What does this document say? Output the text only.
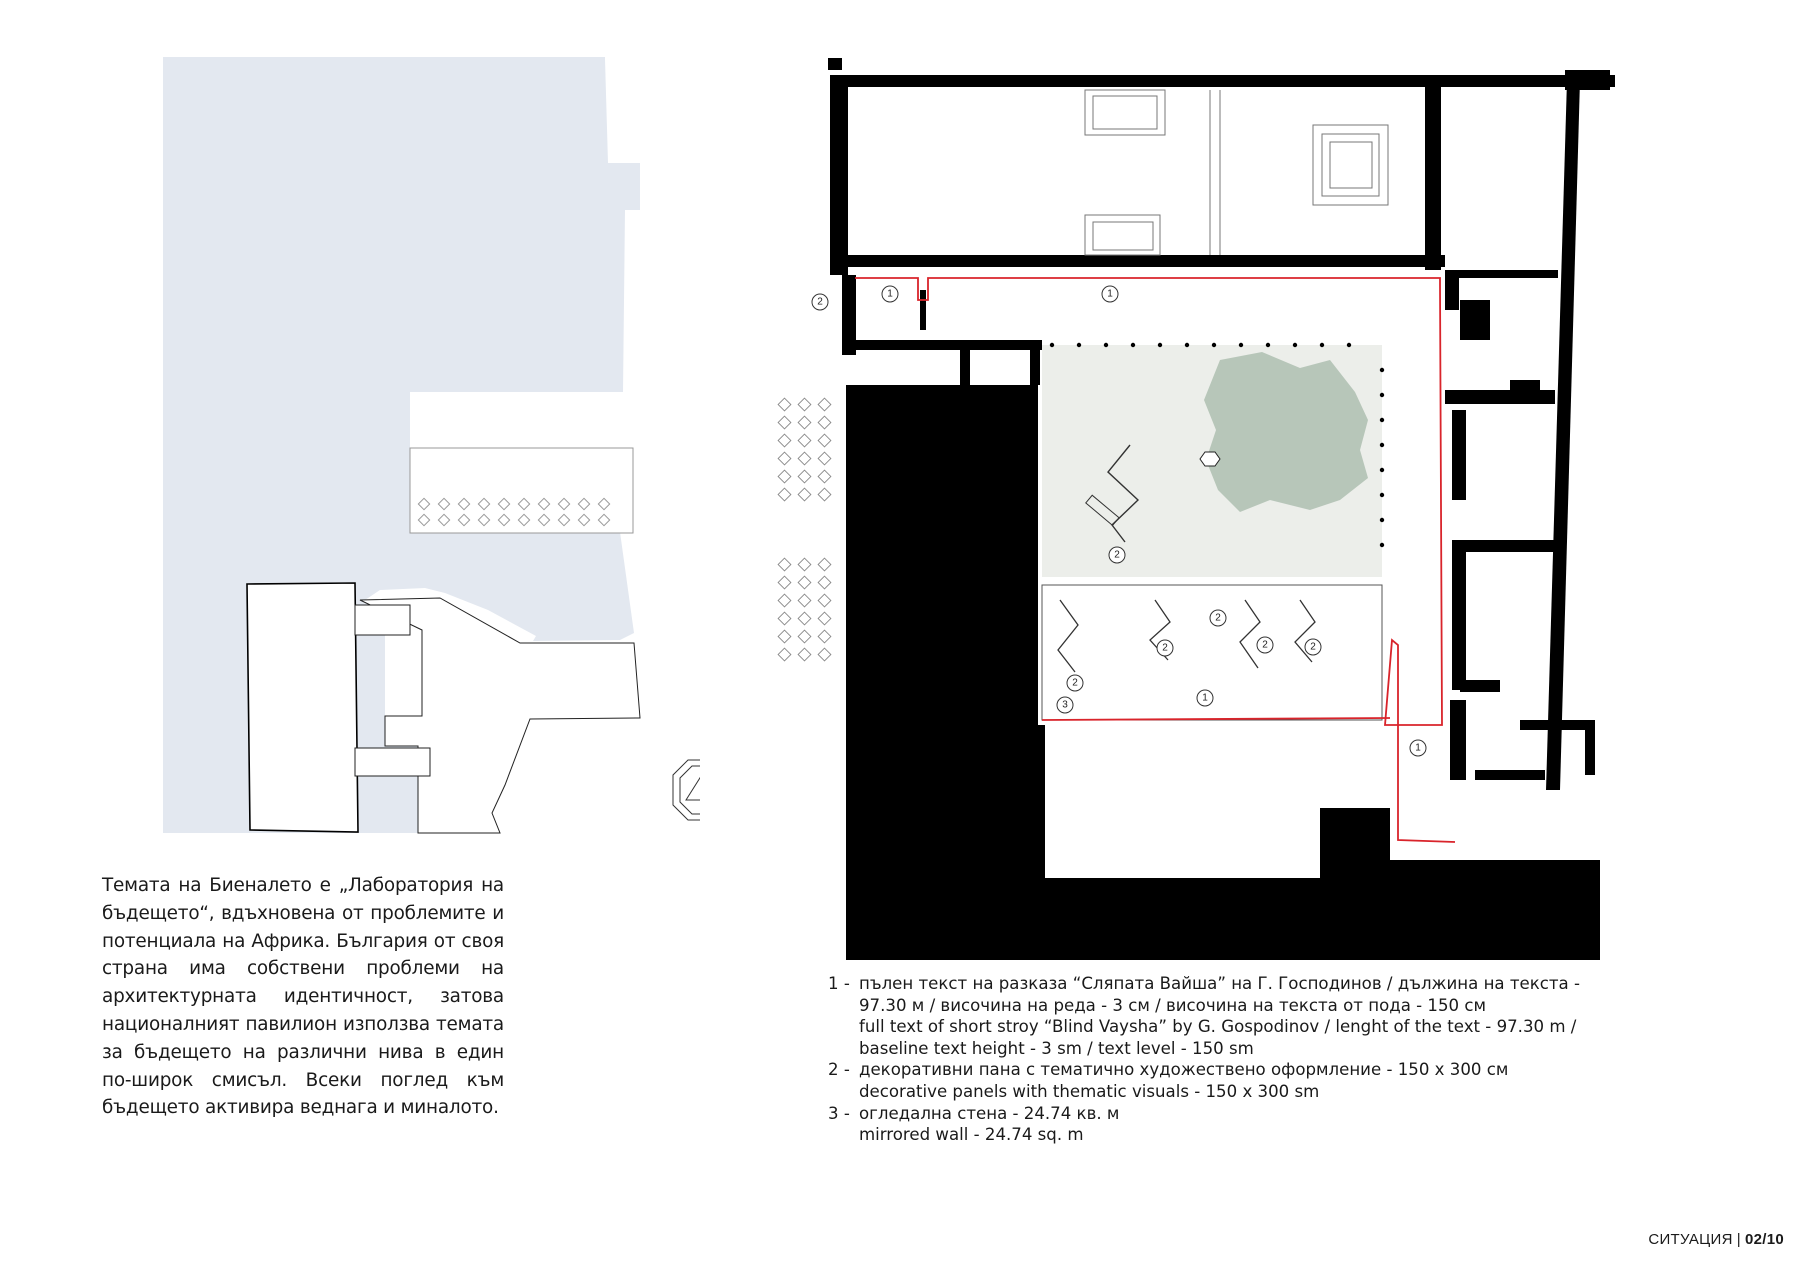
1	1
2
2
2
2	2	2
2
3
1
1
Темата на Биеналето е „Лаборатория на бъдещето“, вдъхновена от проблемите и потенциала на Африка. България от своя страна има собствени проблеми на архитектурната идентичност, затова националният павилион използва темата за бъдещето на различни нива в един по-широк смисъл. Всеки поглед към бъдещето активира веднага и миналото.
1 - пълен текст на разказа “Сляпата Вайша” на Г. Господинов / дължина на текста -
97.30 м / височина на реда - 3 см / височина на текста от пода - 150 см
full text of short stroy “Blind Vaysha” by G. Gospodinov / lenght of the text - 97.30 m /
baseline text height - 3 sm / text level - 150 sm
2 - декоративни пана с тематично художествено оформление - 150 х 300 см
decorative panels with thematic visuals - 150 x 300 sm
3 - огледална стена - 24.74 кв. м
mirrored wall - 24.74 sq. m
СИТУАЦИЯ | 02/10
